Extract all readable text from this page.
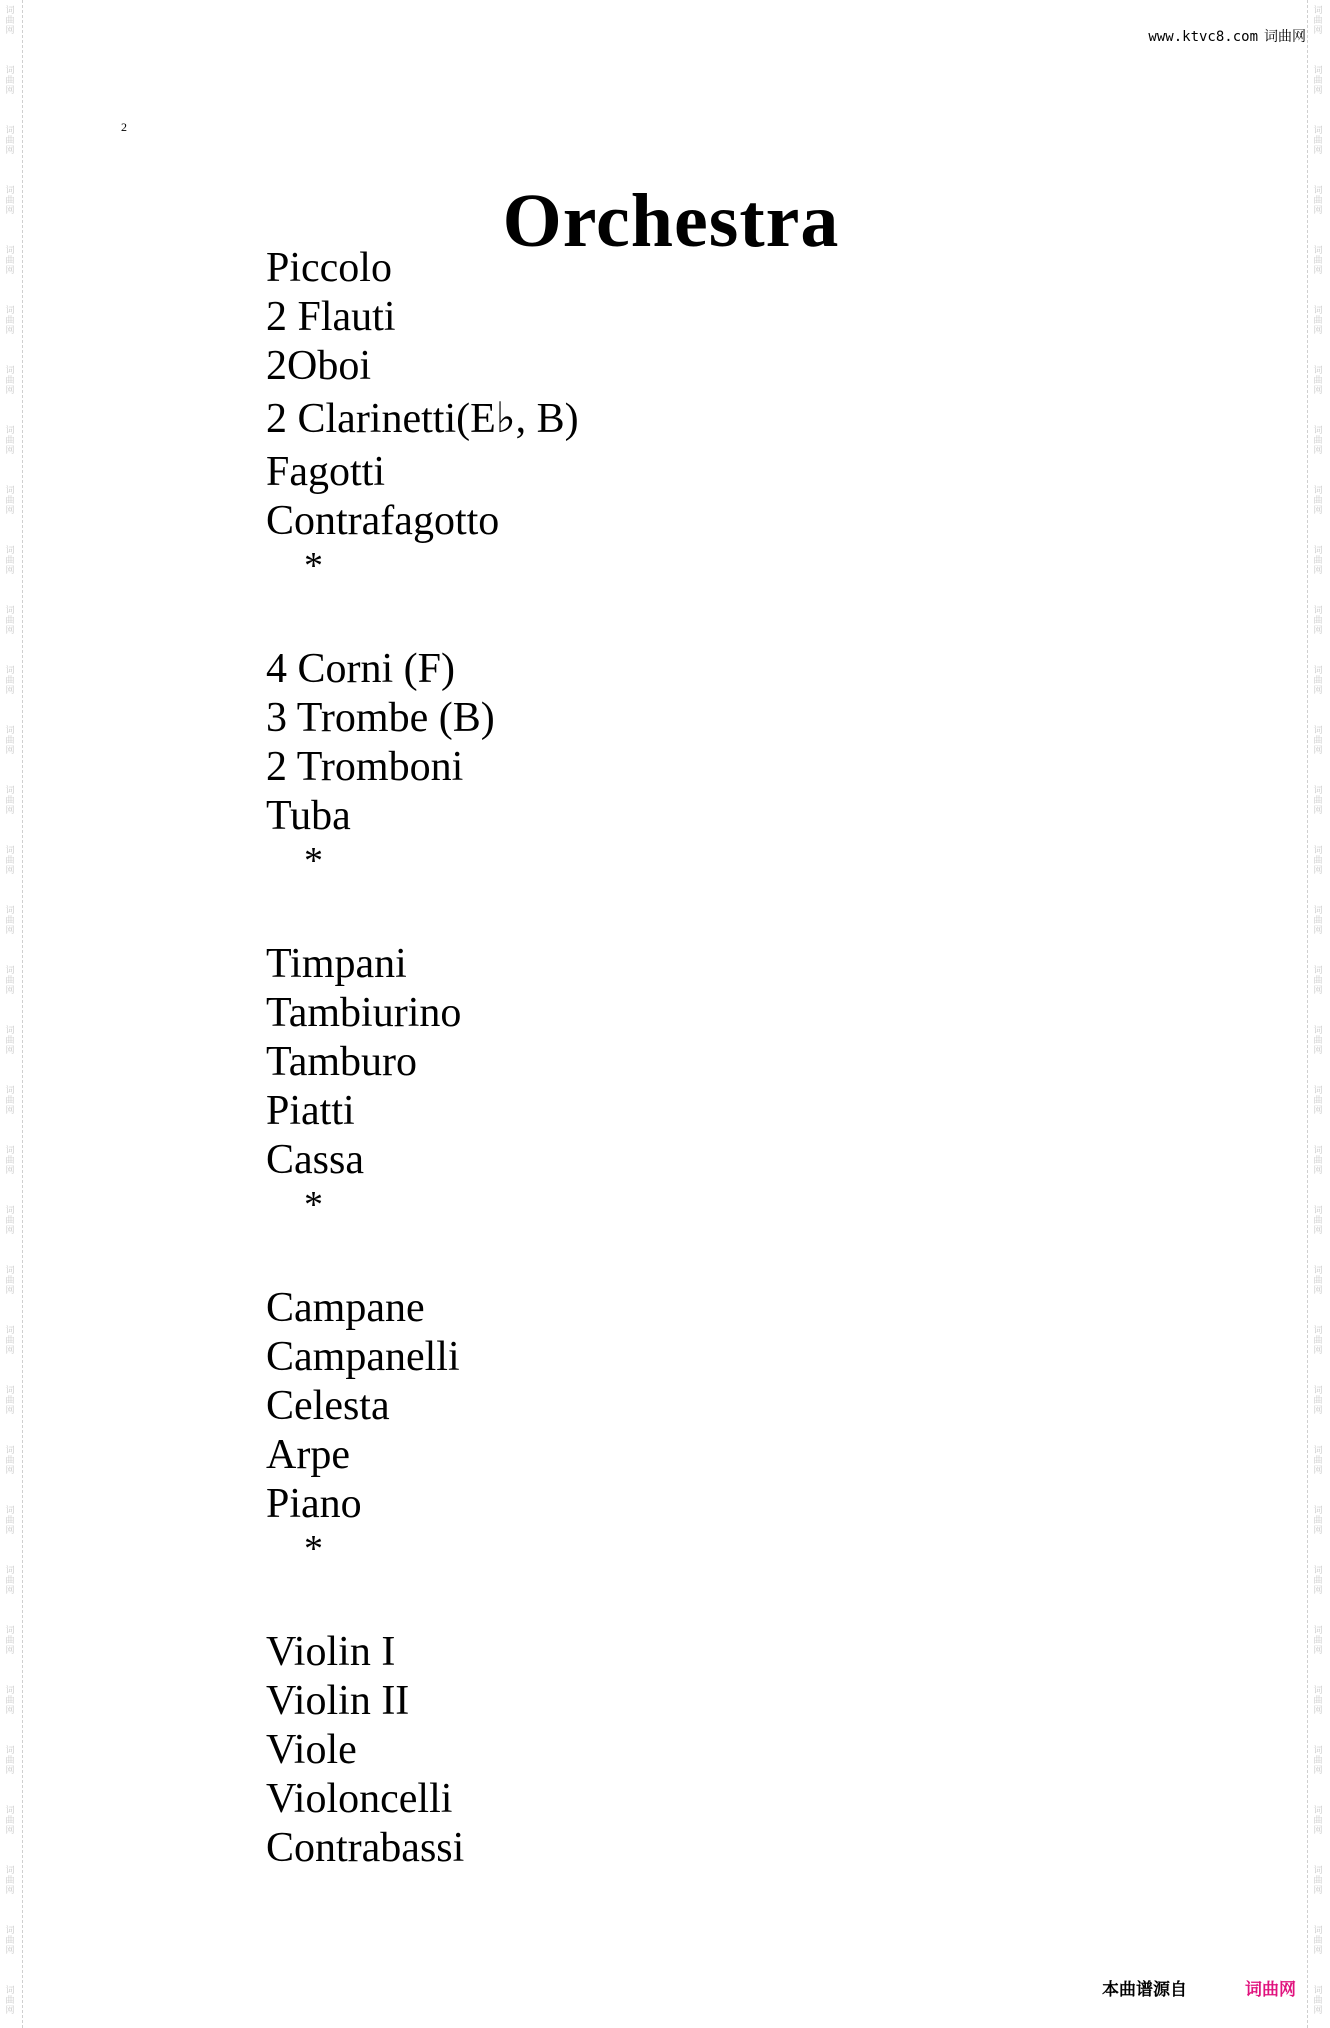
词曲网
词曲网
词曲网
词曲网
词曲网
词曲网
词曲网
词曲网
词曲网
词曲网
词曲网
词曲网
词曲网
词曲网
词曲网
词曲网
词曲网
词曲网
词曲网
词曲网
词曲网
词曲网
词曲网
词曲网
词曲网
词曲网
词曲网
词曲网
词曲网
词曲网
词曲网
词曲网
词曲网
词曲网
词曲网
词曲网
词曲网
词曲网
词曲网
词曲网
词曲网
词曲网
词曲网
词曲网
词曲网
词曲网
词曲网
词曲网
词曲网
词曲网
词曲网
词曲网
词曲网
词曲网
词曲网
词曲网
词曲网
词曲网
词曲网
词曲网
词曲网
词曲网
词曲网
词曲网
词曲网
词曲网
词曲网
词曲网
www.ktvc8.com 词曲网
2
Orchestra
Piccolo
2 Flauti
2Oboi
2 Clarinetti(E♭, B)
Fagotti
Contrafagotto
*
4 Corni (F)
3 Trombe (B)
2 Tromboni
Tuba
*
Timpani
Tambiurino
Tamburo
Piatti
Cassa
*
Campane
Campanelli
Celesta
Arpe
Piano
*
Violin I
Violin II
Viole
Violoncelli
Contrabassi
本曲谱源自	词曲网
